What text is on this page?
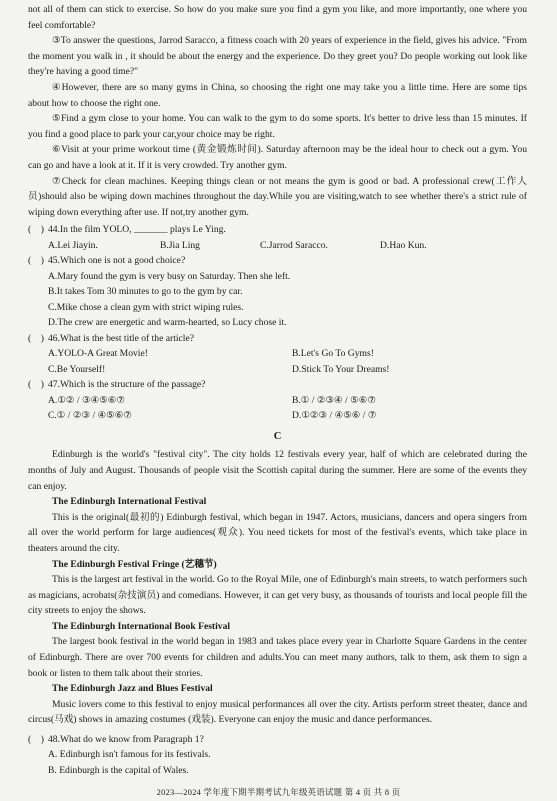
not all of them can stick to exercise. So how do you make sure you find a gym you like, and more importantly, one where you feel comfortable?

③To answer the questions, Jarrod Saracco, a fitness coach with 20 years of experience in the field, gives his advice. "From the moment you walk in , it should be about the energy and the experience. Do they greet you? Do people working out look like they're having a good time?"

④However, there are so many gyms in China, so choosing the right one may take you a little time. Here are some tips about how to choose the right one.

⑤Find a gym close to your home. You can walk to the gym to do some sports. It's better to drive less than 15 minutes. If you find a good place to park your car,your choice may be right.

⑥Visit at your prime workout time (黄金锻炼时间). Saturday afternoon may be the ideal hour to check out a gym. You can go and have a look at it. If it is very crowded. Try another gym.

⑦Check for clean machines. Keeping things clean or not means the gym is good or bad. A professional crew(工作人员)should also be wiping down machines throughout the day.While you are visiting,watch to see whether there's a strict rule of wiping down everything after use. If not,try another gym.

(    ) 44.In the film YOLO, _______ plays Le Ying.
A.Lei Jiayin.	B.Jia Ling	C.Jarrod Saracco.	D.Hao Kun.
(    ) 45.Which one is not a good choice?
A.Mary found the gym is very busy on Saturday. Then she left.
B.It takes Tom 30 minutes to go to the gym by car.
C.Mike chose a clean gym with strict wiping rules.
D.The crew are energetic and warm-hearted, so Lucy chose it.
(    ) 46.What is the best title of the article?
A.YOLO-A Great Movie!	B.Let's Go To Gyms!
C.Be Yourself!	D.Stick To Your Dreams!
(    ) 47.Which is the structure of the passage?
A.①② / ③④⑤⑥⑦	B.① / ②③④ / ⑤⑥⑦
C.① / ②③ / ④⑤⑥⑦	D.①②③ / ④⑤⑥ / ⑦
C

Edinburgh is the world's "festival city". The city holds 12 festivals every year, half of which are celebrated during the months of July and August. Thousands of people visit the Scottish capital during the summer. Here are some of the events they can enjoy.

The Edinburgh International Festival

This is the original(最初的) Edinburgh festival, which began in 1947. Actors, musicians, dancers and opera singers from all over the world perform for large audiences(观众). You need tickets for most of the festival's events, which take place in theaters around the city.

The Edinburgh Festival Fringe (艺穗节)

This is the largest art festival in the world. Go to the Royal Mile, one of Edinburgh's main streets, to watch performers such as magicians, acrobats(杂技演员) and comedians. However, it can get very busy, as thousands of tourists and local people fill the city streets to enjoy the shows.

The Edinburgh International Book Festival

The largest book festival in the world began in 1983 and takes place every year in Charlotte Square Gardens in the center of Edinburgh. There are over 700 events for children and adults.You can meet many authors, talk to them, ask them to sign a book or listen to them talk about their stories.

The Edinburgh Jazz and Blues Festival

Music lovers come to this festival to enjoy musical performances all over the city. Artists perform street theater, dance and circus(马戏) shows in amazing costumes (戏装). Everyone can enjoy the music and dance performances.

(    ) 48.What do we know from Paragraph 1?
A. Edinburgh isn't famous for its festivals.
B. Edinburgh is the capital of Wales.
2023—2024 学年度下期半期考试九年级英语试题 第 4 页 共 8 页
